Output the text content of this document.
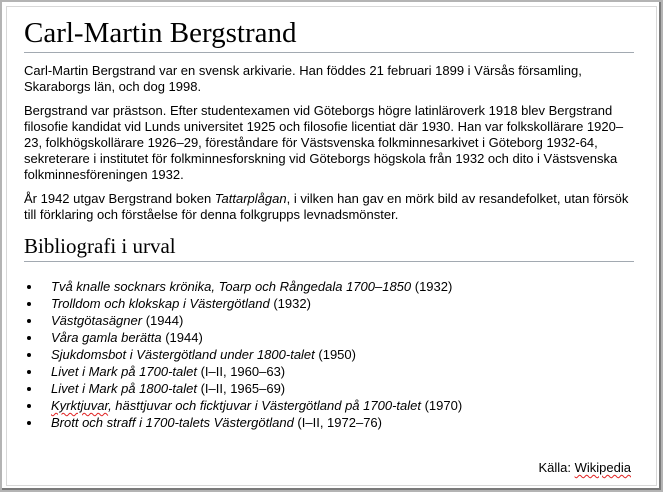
Carl-Martin Bergstrand

Carl-Martin Bergstrand var en svensk arkivarie. Han föddes 21 februari 1899 i Värsås församling, Skaraborgs län, och dog 1998.

Bergstrand var prästson. Efter studentexamen vid Göteborgs högre latinläroverk 1918 blev Bergstrand filosofie kandidat vid Lunds universitet 1925 och filosofie licentiat där 1930. Han var folkskollärare 1920–23, folkhögskollärare 1926–29, föreståndare för Västsvenska folkminnesarkivet i Göteborg 1932-64, sekreterare i institutet för folkminnesforskning vid Göteborgs högskola från 1932 och dito i Västsvenska folkminnesföreningen 1932.

År 1942 utgav Bergstrand boken Tattarplågan, i vilken han gav en mörk bild av resandefolket, utan försök till förklaring och förståelse för denna folkgrupps levnadsmönster.

Bibliografi i urval
Två knalle socknars krönika, Toarp och Rångedala 1700–1850 (1932)
Trolldom och klokskap i Västergötland (1932)
Västgötasägner (1944)
Våra gamla berätta (1944)
Sjukdomsbot i Västergötland under 1800-talet (1950)
Livet i Mark på 1700-talet (I–II, 1960–63)
Livet i Mark på 1800-talet (I–II, 1965–69)
Kyrktjuvar, hästtjuvar och ficktjuvar i Västergötland på 1700-talet (1970)
Brott och straff i 1700-talets Västergötland (I–II, 1972–76)
Källa: Wikipedia
